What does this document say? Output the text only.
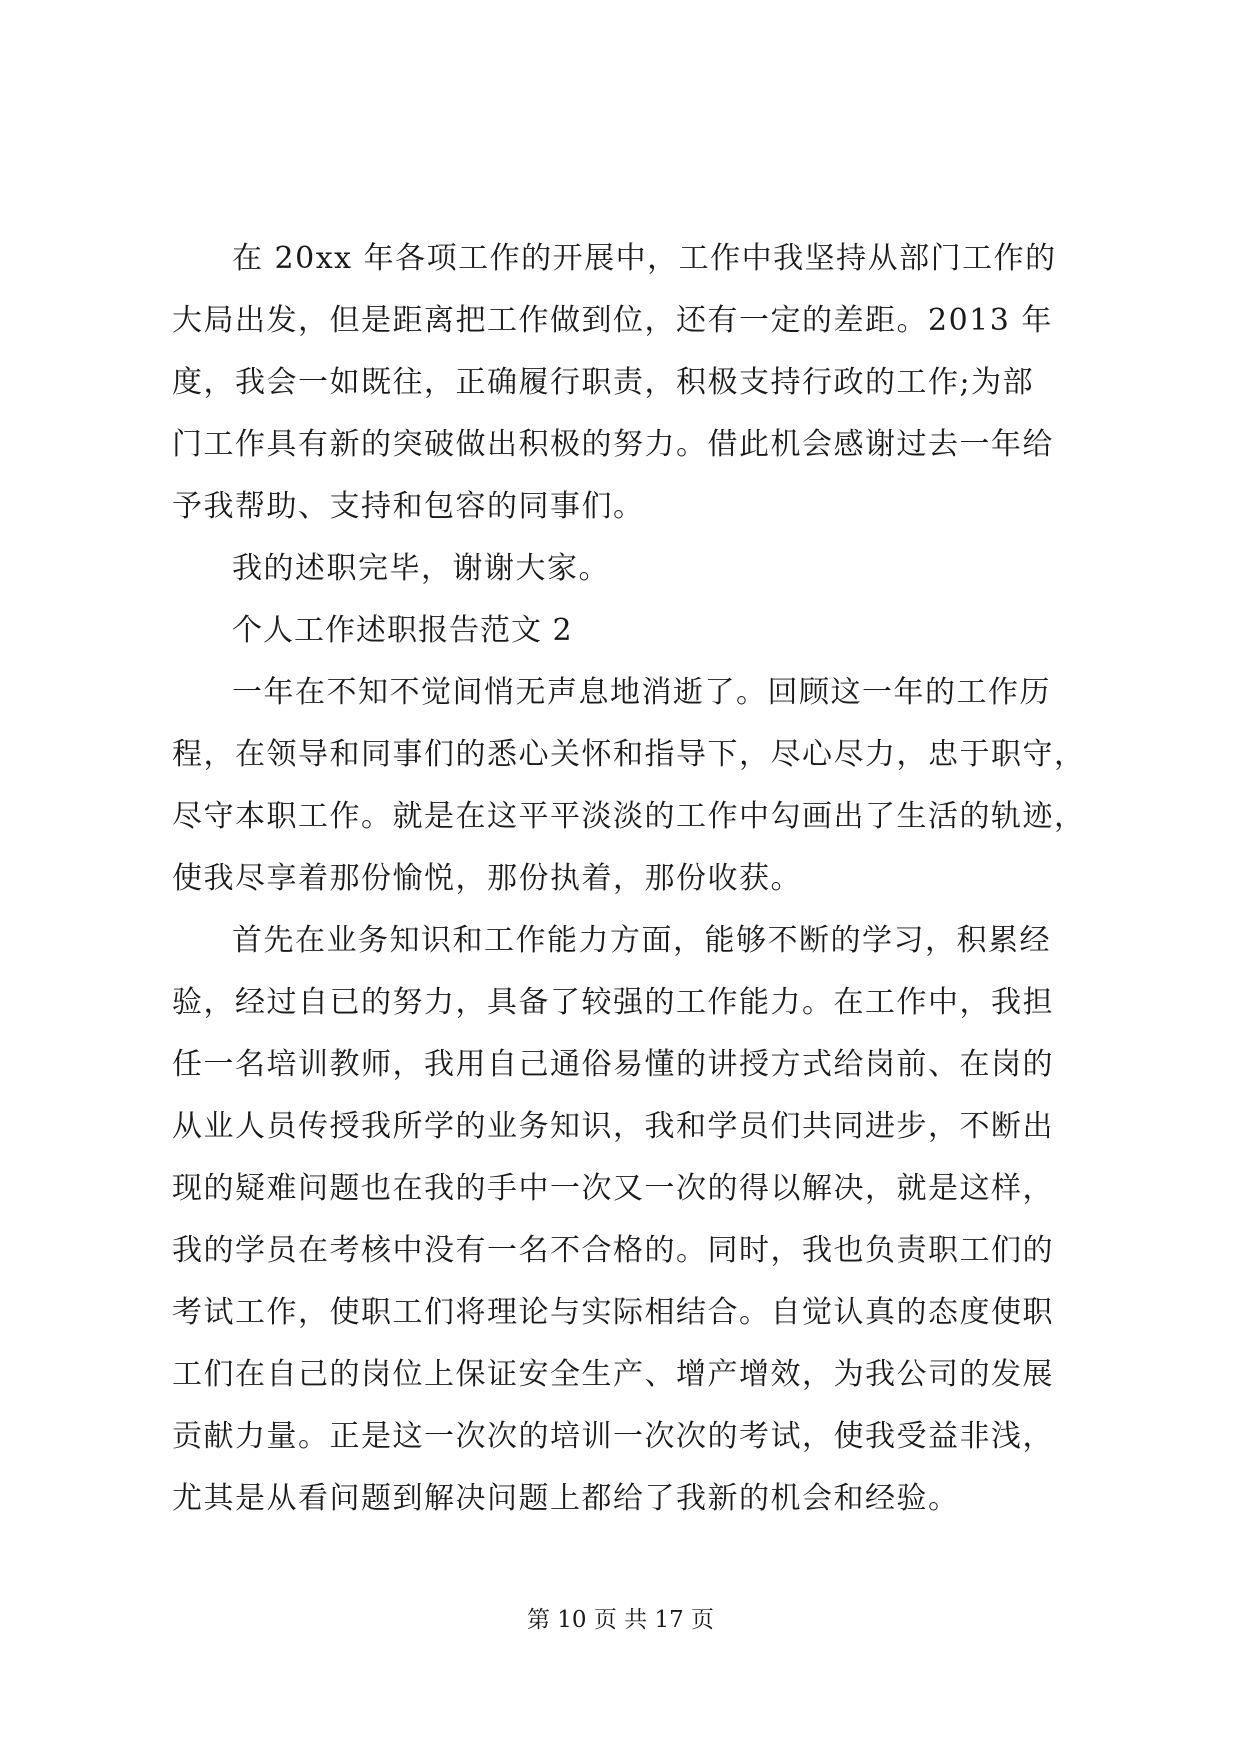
在 20xx 年各项工作的开展中，工作中我坚持从部门工作的
大局出发，但是距离把工作做到位，还有一定的差距。2013 年
度，我会一如既往，正确履行职责，积极支持行政的工作;为部
门工作具有新的突破做出积极的努力。借此机会感谢过去一年给
予我帮助、支持和包容的同事们。
我的述职完毕，谢谢大家。
个人工作述职报告范文 2
一年在不知不觉间悄无声息地消逝了。回顾这一年的工作历
程，在领导和同事们的悉心关怀和指导下，尽心尽力，忠于职守，
尽守本职工作。就是在这平平淡淡的工作中勾画出了生活的轨迹，
使我尽享着那份愉悦，那份执着，那份收获。
首先在业务知识和工作能力方面，能够不断的学习，积累经
验，经过自已的努力，具备了较强的工作能力。在工作中，我担
任一名培训教师，我用自己通俗易懂的讲授方式给岗前、在岗的
从业人员传授我所学的业务知识，我和学员们共同进步，不断出
现的疑难问题也在我的手中一次又一次的得以解决，就是这样，
我的学员在考核中没有一名不合格的。同时，我也负责职工们的
考试工作，使职工们将理论与实际相结合。自觉认真的态度使职
工们在自己的岗位上保证安全生产、增产增效，为我公司的发展
贡献力量。正是这一次次的培训一次次的考试，使我受益非浅，
尤其是从看问题到解决问题上都给了我新的机会和经验。
第 10 页 共 17 页
